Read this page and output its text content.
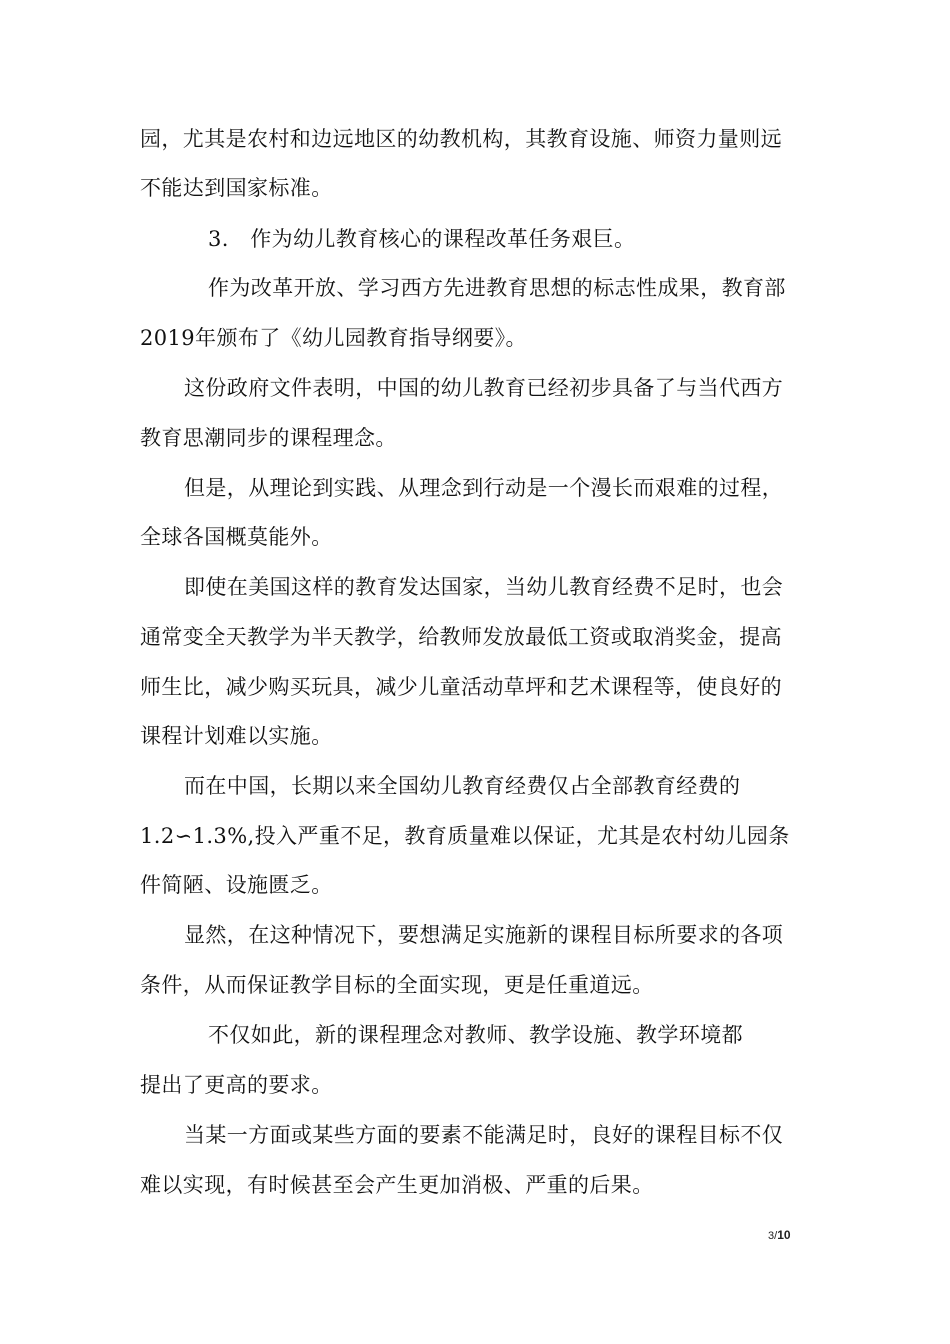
园，尤其是农村和边远地区的幼教机构，其教育设施、师资力量则远
不能达到国家标准。
3.　作为幼儿教育核心的课程改革任务艰巨。
作为改革开放、学习西方先进教育思想的标志性成果，教育部
2019年颁布了《幼儿园教育指导纲要》。
这份政府文件表明，中国的幼儿教育已经初步具备了与当代西方
教育思潮同步的课程理念。
但是，从理论到实践、从理念到行动是一个漫长而艰难的过程，
全球各国概莫能外。
即使在美国这样的教育发达国家，当幼儿教育经费不足时，也会
通常变全天教学为半天教学，给教师发放最低工资或取消奖金，提高
师生比，减少购买玩具，减少儿童活动草坪和艺术课程等，使良好的
课程计划难以实施。
而在中国，长期以来全国幼儿教育经费仅占全部教育经费的
1.2∽1.3%,投入严重不足，教育质量难以保证，尤其是农村幼儿园条
件简陋、设施匮乏。
显然，在这种情况下，要想满足实施新的课程目标所要求的各项
条件，从而保证教学目标的全面实现，更是任重道远。
不仅如此，新的课程理念对教师、教学设施、教学环境都
提出了更高的要求。
当某一方面或某些方面的要素不能满足时，良好的课程目标不仅
难以实现，有时候甚至会产生更加消极、严重的后果。
3/10
